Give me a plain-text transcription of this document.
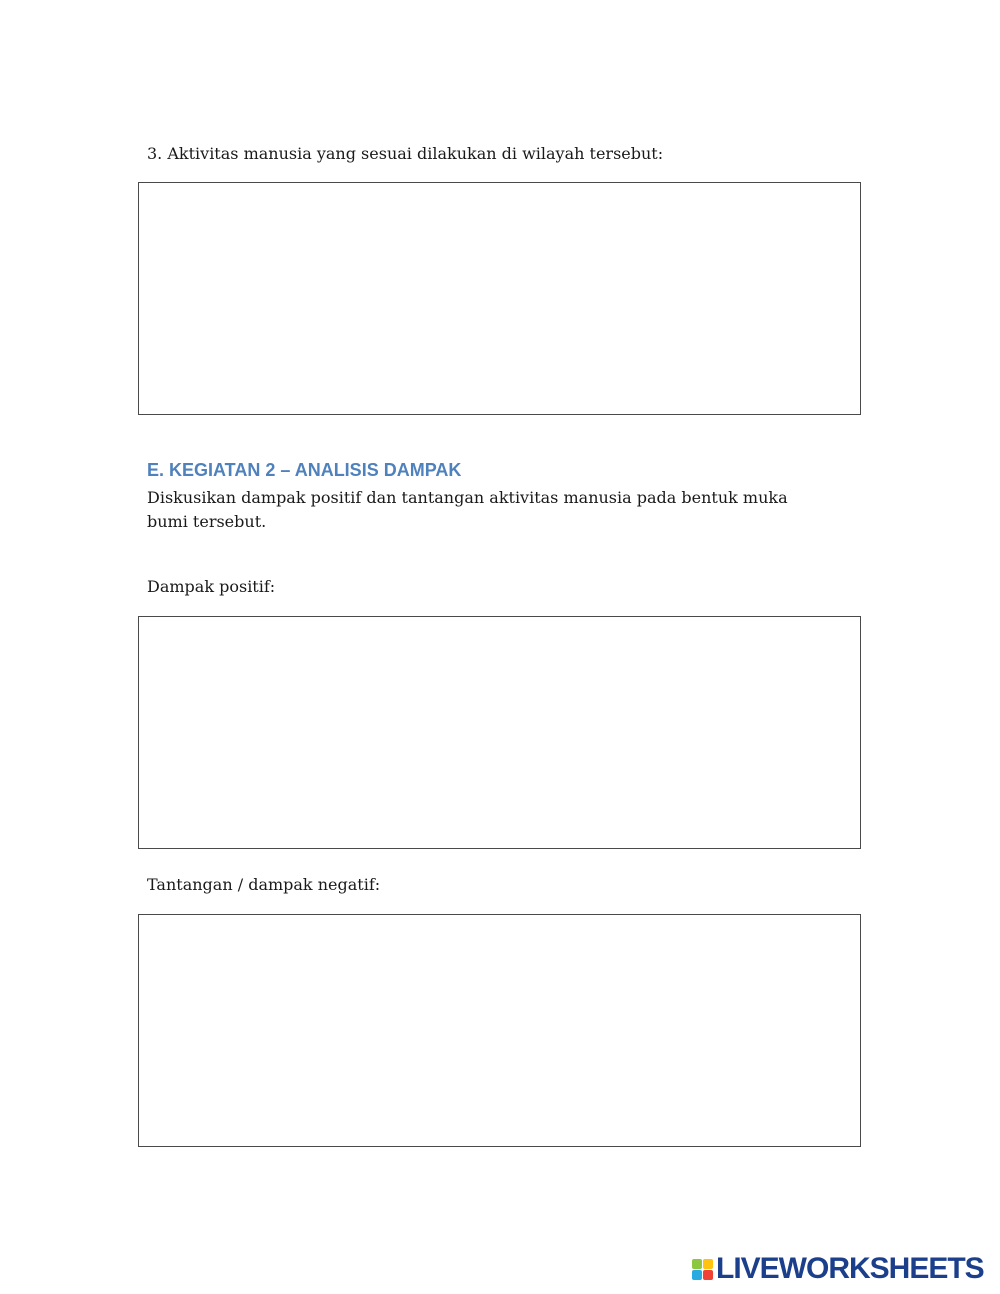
3. Aktivitas manusia yang sesuai dilakukan di wilayah tersebut:

E. KEGIATAN 2 – ANALISIS DAMPAK

Diskusikan dampak positif dan tantangan aktivitas manusia pada bentuk muka bumi tersebut.

Dampak positif:

Tantangan / dampak negatif:

LIVEWORKSHEETS
